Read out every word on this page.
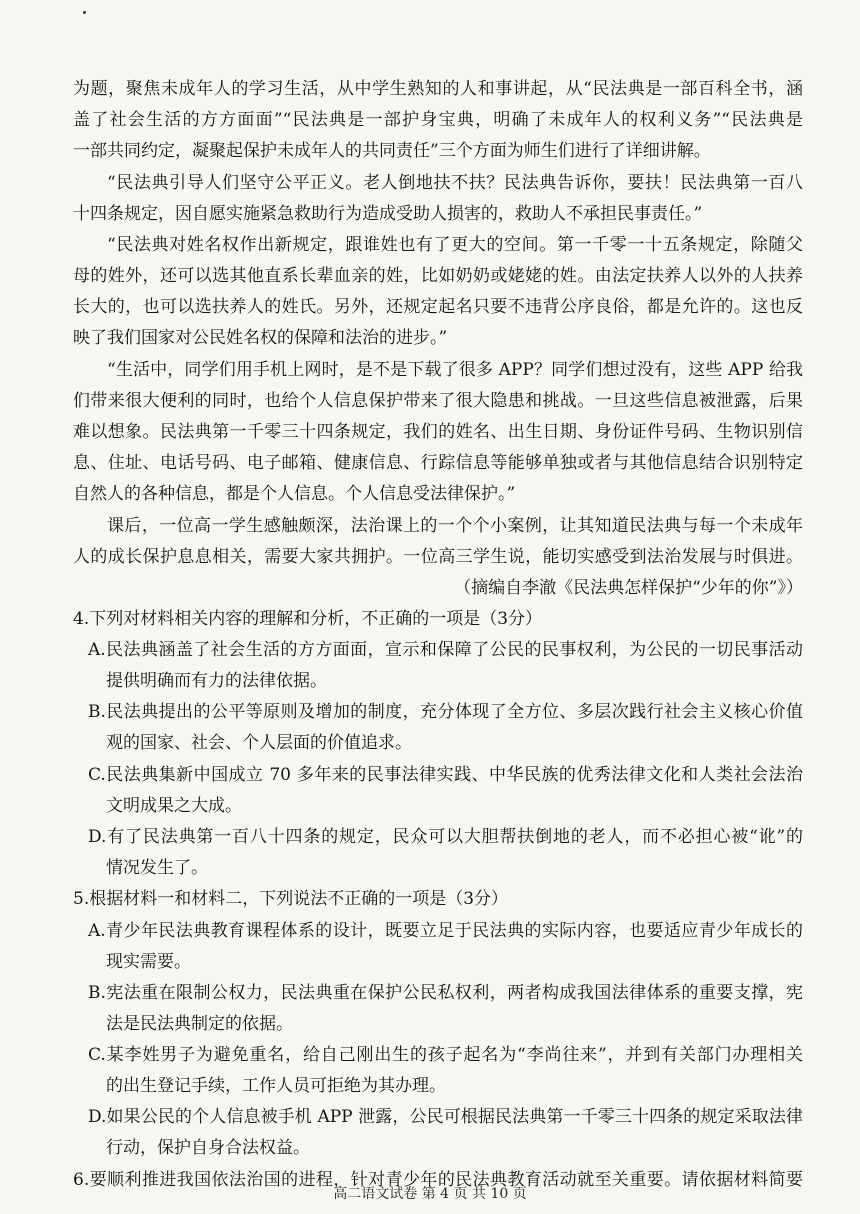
为题，聚焦未成年人的学习生活，从中学生熟知的人和事讲起，从“民法典是一部百科全书，涵
盖了社会生活的方方面面”“民法典是一部护身宝典，明确了未成年人的权利义务”“民法典是
一部共同约定，凝聚起保护未成年人的共同责任”三个方面为师生们进行了详细讲解。
“民法典引导人们坚守公平正义。老人倒地扶不扶？民法典告诉你，要扶！民法典第一百八
十四条规定，因自愿实施紧急救助行为造成受助人损害的，救助人不承担民事责任。”
“民法典对姓名权作出新规定，跟谁姓也有了更大的空间。第一千零一十五条规定，除随父
母的姓外，还可以选其他直系长辈血亲的姓，比如奶奶或姥姥的姓。由法定扶养人以外的人扶养
长大的，也可以选扶养人的姓氏。另外，还规定起名只要不违背公序良俗，都是允许的。这也反
映了我们国家对公民姓名权的保障和法治的进步。”
“生活中，同学们用手机上网时，是不是下载了很多 APP？同学们想过没有，这些 APP 给我
们带来很大便利的同时，也给个人信息保护带来了很大隐患和挑战。一旦这些信息被泄露，后果
难以想象。民法典第一千零三十四条规定，我们的姓名、出生日期、身份证件号码、生物识别信
息、住址、电话号码、电子邮箱、健康信息、行踪信息等能够单独或者与其他信息结合识别特定
自然人的各种信息，都是个人信息。个人信息受法律保护。”
课后，一位高一学生感触颇深，法治课上的一个个小案例，让其知道民法典与每一个未成年
人的成长保护息息相关，需要大家共拥护。一位高三学生说，能切实感受到法治发展与时俱进。
（摘编自李澈《民法典怎样保护“少年的你”》）
4.下列对材料相关内容的理解和分析，不正确的一项是（3分）
A.民法典涵盖了社会生活的方方面面，宣示和保障了公民的民事权利，为公民的一切民事活动
提供明确而有力的法律依据。
B.民法典提出的公平等原则及增加的制度，充分体现了全方位、多层次践行社会主义核心价值
观的国家、社会、个人层面的价值追求。
C.民法典集新中国成立 70 多年来的民事法律实践、中华民族的优秀法律文化和人类社会法治
文明成果之大成。
D.有了民法典第一百八十四条的规定，民众可以大胆帮扶倒地的老人，而不必担心被“讹”的
情况发生了。
5.根据材料一和材料二，下列说法不正确的一项是（3分）
A.青少年民法典教育课程体系的设计，既要立足于民法典的实际内容，也要适应青少年成长的
现实需要。
B.宪法重在限制公权力，民法典重在保护公民私权利，两者构成我国法律体系的重要支撑，宪
法是民法典制定的依据。
C.某李姓男子为避免重名，给自己刚出生的孩子起名为“李尚往来”，并到有关部门办理相关
的出生登记手续，工作人员可拒绝为其办理。
D.如果公民的个人信息被手机 APP 泄露，公民可根据民法典第一千零三十四条的规定采取法律
行动，保护自身合法权益。
6.要顺利推进我国依法治国的进程，针对青少年的民法典教育活动就至关重要。请依据材料简要
高二语文试卷 第 4 页 共 10 页
